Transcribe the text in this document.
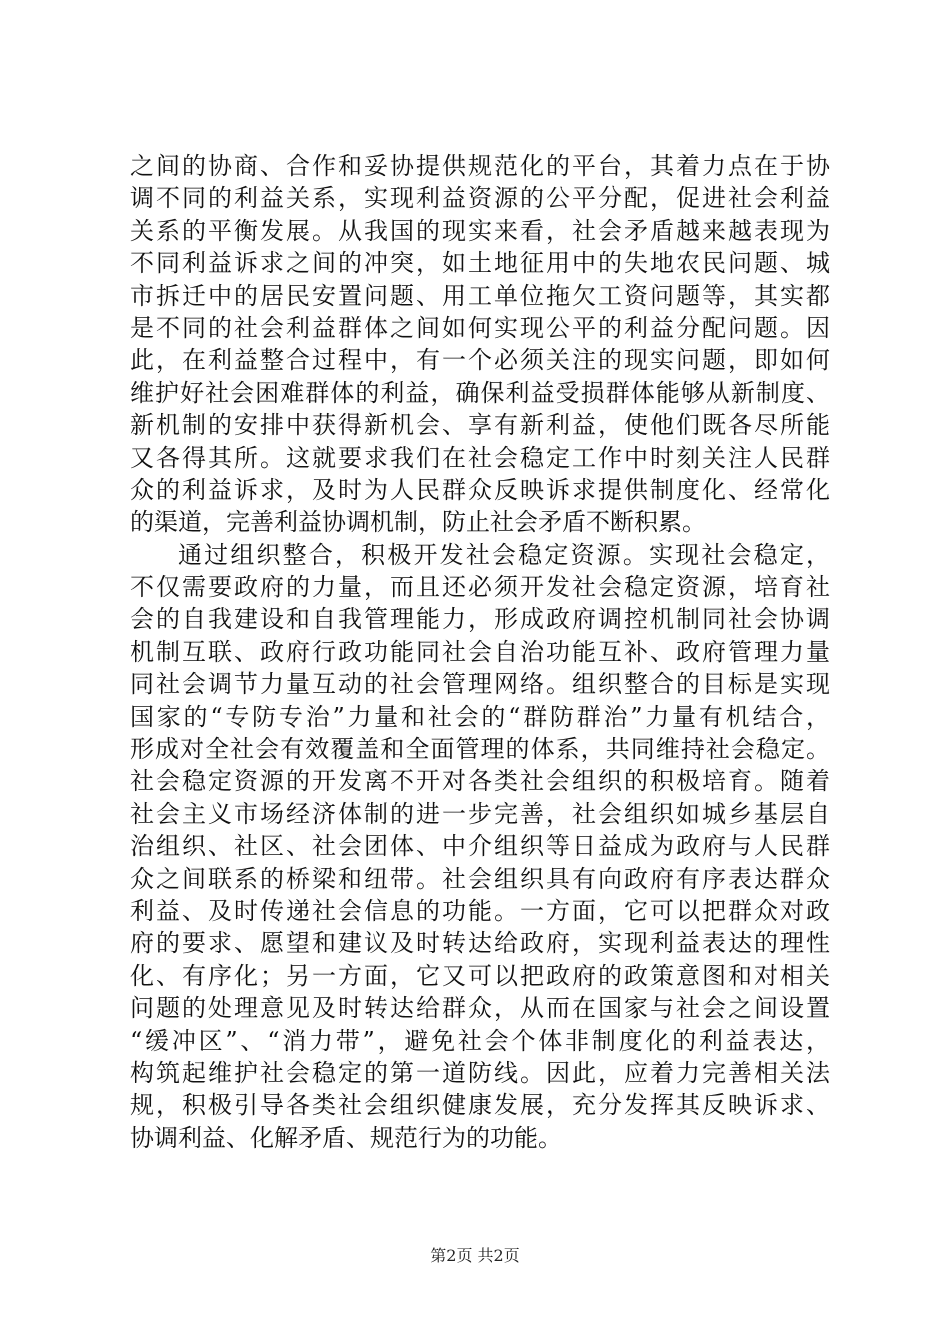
之间的协商、合作和妥协提供规范化的平台，其着力点在于协
调不同的利益关系，实现利益资源的公平分配，促进社会利益
关系的平衡发展。从我国的现实来看，社会矛盾越来越表现为
不同利益诉求之间的冲突，如土地征用中的失地农民问题、城
市拆迁中的居民安置问题、用工单位拖欠工资问题等，其实都
是不同的社会利益群体之间如何实现公平的利益分配问题。因
此，在利益整合过程中，有一个必须关注的现实问题，即如何
维护好社会困难群体的利益，确保利益受损群体能够从新制度、
新机制的安排中获得新机会、享有新利益，使他们既各尽所能
又各得其所。这就要求我们在社会稳定工作中时刻关注人民群
众的利益诉求，及时为人民群众反映诉求提供制度化、经常化
的渠道，完善利益协调机制，防止社会矛盾不断积累。
通过组织整合，积极开发社会稳定资源。实现社会稳定，
不仅需要政府的力量，而且还必须开发社会稳定资源，培育社
会的自我建设和自我管理能力，形成政府调控机制同社会协调
机制互联、政府行政功能同社会自治功能互补、政府管理力量
同社会调节力量互动的社会管理网络。组织整合的目标是实现
国家的“专防专治”力量和社会的“群防群治”力量有机结合，
形成对全社会有效覆盖和全面管理的体系，共同维持社会稳定。
社会稳定资源的开发离不开对各类社会组织的积极培育。随着
社会主义市场经济体制的进一步完善，社会组织如城乡基层自
治组织、社区、社会团体、中介组织等日益成为政府与人民群
众之间联系的桥梁和纽带。社会组织具有向政府有序表达群众
利益、及时传递社会信息的功能。一方面，它可以把群众对政
府的要求、愿望和建议及时转达给政府，实现利益表达的理性
化、有序化；另一方面，它又可以把政府的政策意图和对相关
问题的处理意见及时转达给群众，从而在国家与社会之间设置
“缓冲区”、“消力带”，避免社会个体非制度化的利益表达，
构筑起维护社会稳定的第一道防线。因此，应着力完善相关法
规，积极引导各类社会组织健康发展，充分发挥其反映诉求、
协调利益、化解矛盾、规范行为的功能。
第2页 共2页
